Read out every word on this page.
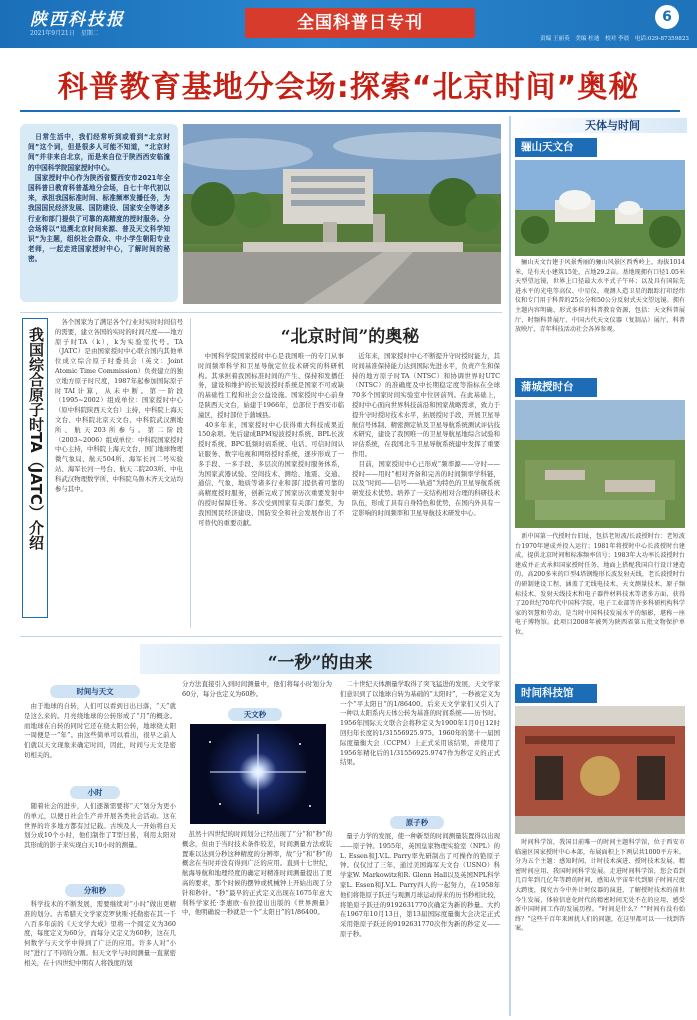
陕西科技报
2021年9月21日　星期二
全国科普日专刊	6
责编 王丽英　美编 杜迪　校对 李晨　电话:029-87359823
科普教育基地分会场:探索“北京时间”奥秘
　日常生活中，我们经常听到或看到“北京时间”这个词，但是很多人可能不知道，“北京时间”并非来自北京，而是来自位于陕西西安临潼的中国科学院国家授时中心。
　国家授时中心作为陕西省暨西安市2021年全国科普日教育科普基地分会场，自七十年代初以来，承担我国标准时间、标准频率发播任务，为我国国民经济发展、国防建设、国家安全等诸多行业和部门提供了可靠的高精度的授时服务。分会场将以“追溯北京时间来源、普及天文科学知识”为主题，组织社会群众、中小学生朝阳专业老师，一起走进国家授时中心，了解时间的秘密。
天体与时间
骊山天文台
　骊山天文台建于风景秀丽的骊山风景区西秀岭上，海拔1014米，是有天小建筑15处，占地29.2亩。基地现拥有口径1.05米天型望远镜，世界上口径最大水平式子午环；以及具有国际先进水平的光电等高仪、中星仪、观测人造卫星的跟踪打印经纬仪和专门用于科普的25公分和50公分反射式天文望远镜。拥有主题内容明确、形式多样的科普教育资源，包括：天文科普展厅、时频科普展厅、中国古代天文仪器（复制品）展厅、科普放映厅、青年科技活动社会各界参观。
蒲城授时台
　新中国第一代授时台旧址，包括老短波/长波授时台：老短波台1970年建成并投入运行；1981年将授时中心长波授时台建成，提供北京时间和标准频率信号；1983年大功率长波授时台建成并正式承担国家授时任务，地面上搭配我国自行设计建造的、高200多米的巨型4塔钢缆形长波发射天线，老长波授时台的研制建设工程，涵盖了无线电技术、天文测量技术、原子频标技术、发射天线技术和电子器件材料技术等诸多方面，获得了20世纪70年代中国科学院、电子工业部等许多科研机构科学家的智慧和劳动，是当时中国科技发展水平的缩影，堪称一座电子博物馆。此项目2008年被列为陕西省第五批文物保护单位。
时间科技馆
　时间科学馆，我国目前唯一的时间主题科学馆，位于西安市临潼区国家授时中心本部，布展面积上下两层共1000平方米。分为五个主题：感知时间、计时技术演进、授时技术发展、精密时间应用、我国时间科学发展。走进时间科学馆，您会看到几百年到几亿年等跨的时间，感知从宇宙年代到原子时间尺度大跨度，探究古今中外计时仪器的演进，了解授时技术的前世今生发展，体验信息化时代的精密时间无处不在的应用，感受新中国时间工作的发展历程。“时间是什么？”“时间有没有始终？”这些千百年来困扰人们的问题，在这里都可以一一找到答案。
“北京时间”的奥秘
　中国科学院国家授时中心是我国唯一的专门从事时间频率科学和卫星导航定位技术研究的科研机构。其承担着我国标准时间的产生、保持和发播任务，建设和维护的长短波授时系统是国家不可或缺的基础性工程和社会公益设施。国家授时中心前身是陕西天文台，始建于1966年，总部位于西安市临潼区，授时部位于蒲城县。
　40多年来，国家授时中心获得重大科技成果近150余项。先后建成BPM短波授时系统、BPL长波授时系统、BPC低频时码系统、电话、可信时间认证服务、数字电视和网络授时系统，逐步形成了一多手段、一多手段、多层次的国家授时服务体系，为国家武器试验、空间技术、测绘、地震、交通、通信、气象、地质等诸多行业和部门提供着可靠的高精度授时服务，创新完成了国家历次重要发射中的授时保障任务。多次受到国家有关部门嘉奖，为我国国民经济建设、国防安全和社会发展作出了不可替代的重要贡献。
　近年来，国家授时中心不断提升守时授时能力，其时间基准保持能力达到国际先进水平，负责产生和保持的地方原子时TA（NTSC）和协调世界时UTC（NTSC）的准确度及中长期稳定度等指标在全球70多个国家时间实验室中位居前列。在此基础上，授时中心面向世界科技前沿和国家战略需求，致力于提升守时授时技术水平，拓展授时手段，开展卫星导航信号体制、精密测定轨及卫星导航系统测试评估技术研究，建设了我国唯一的卫星导航星地综合试验和评估系统，在我国北斗卫星导航系统建中发挥了重要作用。
　目前，国家授时中心已形成“频率源——守时——授时——用时”相对齐备和完善的时间频率学科链，以及“时间——信号——轨道”为特色的卫星导航系统研发技术优势。培养了一支结构相对合理的科研技术队伍，形成了具有自身特色和优势，在国内外具有一定影响的时间频率和卫星导航技术研发中心。
我国综合原子时TA（JATC）介绍
　各个国家为了满足各个行业对实时时间信号的需要，建立各国的实时的时间尺度——地方原子时TA（k），k为实验室代号。TA（JATC）是由国家授时中心联合国内其他单位成立综合原子时委员会（英文：Joint Atomic Time Commission）负责建立的独立地方原子时尺度，1987年起参加国际原子时TAI计算，从未中断。第一阶段（1995~2002）组成单位：国家授时中心（原中科院陕西天文台）主持，中科院上海天文台、中科院北京天文台、中科院武汉测地所、航天203所参与。第二阶段（2003~2006）组成单位：中科院国家授时中心主持，中科院上海天文台、国门地球物理微气象局、航天504所、海军长河二号实验站、海军长河一号台、航天二院203所、中电科武汉物理数学所、中科院乌鲁木齐天文站均参与其中。
“一秒”的由来
时间与天文
　由于地球的自转，人们可以看到日出日落，“天”就是这么来的。月亮绕地球的公转形成了“月”的概念。而地球在自转的同时它还在绕太阳公转，地球绕太阳一周便是一“年”。由这些简单可以看出，很早之前人们就以天文现象来确定时间，因此，时间与天文是密切相关的。
小时
　随着社会的进步，人们逐渐需要将“天”划分为更小的单元，以便日社会生产并开展各类社会活动。这在世界的许多地方都有过记载。古埃及人一开始将白天划分成10个小时，他们制作了T型日晷，利用太阳对其形成的影子来实现白天10小时的测量。
分和秒
　科学技术的不断发展，需要继续对“小时”做出更精准的划分。古希腊天文学家克罗狄斯·托勒密在其一千八百多年前的《天文学大成》里将一个圆定义为360度，每度定义为60分，而每分又定义为60秒，这在几何数学与天文学中得到了广泛的应用。许多人对“小时”进行了不同的分割。但天文学与时间测量一直紧密相关，在十四世纪中期有人将钱度的划
分方法直接引入到时间测量中，他们将每小时划分为60分，每分也定义为60秒。
天文秒
　虽然十四世纪的时间划分已经出现了“分”和“秒”的概念，但由于当时技术条件较差，时间测量方法或装置难以达到分秒这种精度的分辨率，故“分”和“秒”的概念在当时并没有得到广泛的应用。直到十七世纪，航海导航和地理经度的确定对精准时间测量提出了更高的要求，那个时候的摆钟或机械钟上开始出现了分针和秒针。“秒”最早的正式定义出现在1675年意大利科学家托·李惠欧·布拉提出出版的《世界测量》中，他明确说一秒就是一个“太阳日”的1/86400。
　二十世纪天体测量学取得了突飞猛进的发展，天文学家们意识到了以地球自转为基础的“太阳时”，一秒被定义为一个“平太阳日”的1/86400。后来天文学家们又引入了一种以太阳系内天体公转为基准的时间系统——历书时。1956年国际天文联合会将秒定义为1900年1月0日12时回归年长度的1/31556925.975。1960年的第十一届国际度量衡大会（CCPM）上正式采用该结果，并使用了1956年精化后的1/31556925.9747作为秒定义的正式结果。
原子秒
　量子力学的发展，使一种新型的时间测量装置得以出现——原子钟。1955年，英国皇家物理实验室（NPL）的L. Essen和J.V.L. Parry率先研制出了可操作的铯原子钟。仅仅过了三年，通过美国海军天文台（USNO）科学家W. Markowitz和R. Glenn Hall以及英国NPL科学家L. Essen和J.V.L. Parry四人的一起努力，在1958年他们将铯原子跃迁与观测月球运动得来的历书秒相比较，将铯原子跃迁的9192631770次确定为新的秒量。大约在1967年10月13日，第13届国际度量衡大会决定正式采用铯原子跃迁的9192631770次作为新的秒定义——原子秒。
